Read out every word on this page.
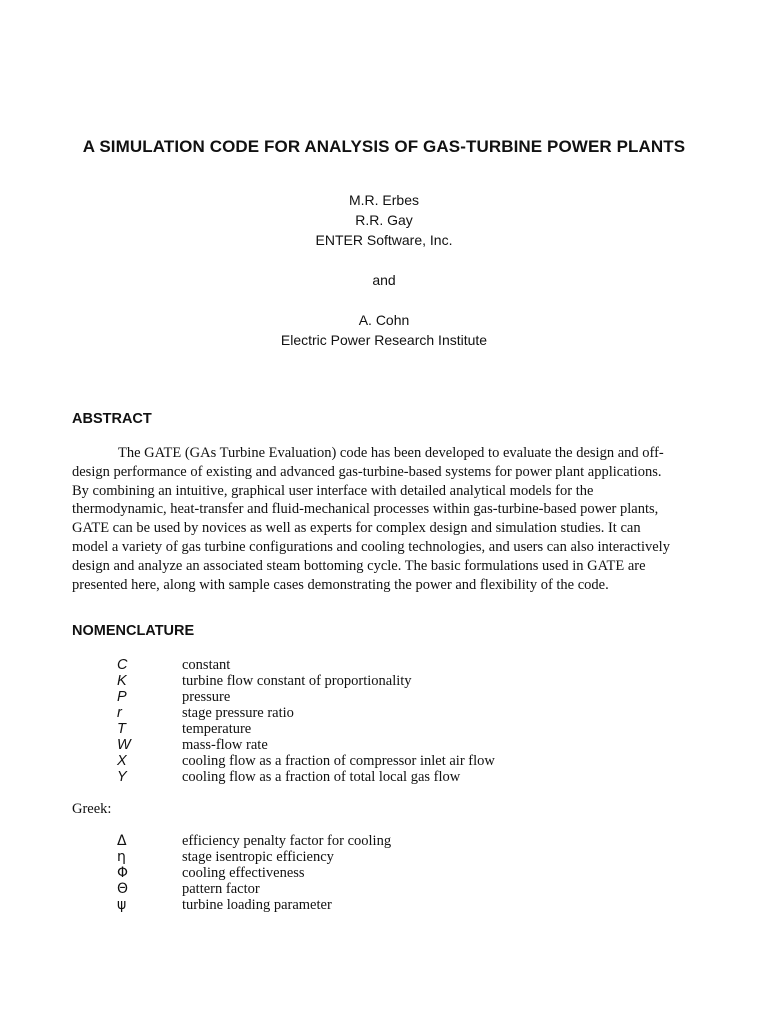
A SIMULATION CODE FOR ANALYSIS OF GAS-TURBINE POWER PLANTS
M.R. Erbes
R.R. Gay
ENTER Software, Inc.
and
A. Cohn
Electric Power Research Institute
ABSTRACT

The GATE (GAs Turbine Evaluation) code has been developed to evaluate the design and off-
design performance of existing and advanced gas-turbine-based systems for power plant applications.
By combining an intuitive, graphical user interface with detailed analytical models for the
thermodynamic, heat-transfer and fluid-mechanical processes within gas-turbine-based power plants,
GATE can be used by novices as well as experts for complex design and simulation studies. It can
model a variety of gas turbine configurations and cooling technologies, and users can also interactively
design and analyze an associated steam bottoming cycle. The basic formulations used in GATE are
presented here, along with sample cases demonstrating the power and flexibility of the code.

NOMENCLATURE
C	constant
K	turbine flow constant of proportionality
P	pressure
r	stage pressure ratio
T	temperature
W	mass-flow rate
X	cooling flow as a fraction of compressor inlet air flow
Y	cooling flow as a fraction of total local gas flow
Greek:
Δ	efficiency penalty factor for cooling
η	stage isentropic efficiency
Φ	cooling effectiveness
Θ	pattern factor
ψ	turbine loading parameter
